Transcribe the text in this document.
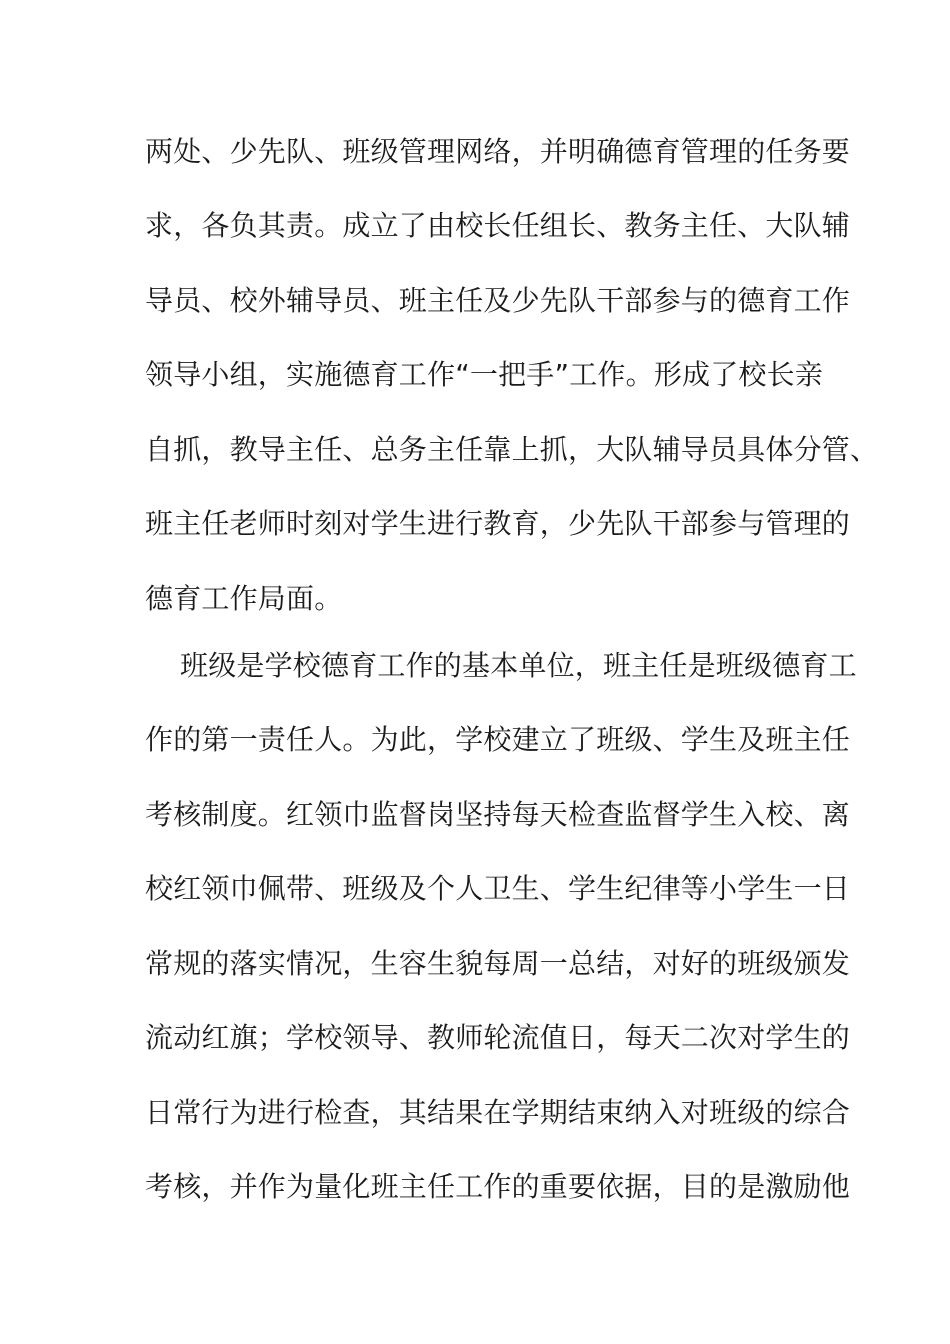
两处、少先队、班级管理网络，并明确德育管理的任务要
求，各负其责。成立了由校长任组长、教务主任、大队辅
导员、校外辅导员、班主任及少先队干部参与的德育工作
领导小组，实施德育工作“一把手”工作。形成了校长亲
自抓，教导主任、总务主任靠上抓，大队辅导员具体分管、
班主任老师时刻对学生进行教育，少先队干部参与管理的
德育工作局面。
班级是学校德育工作的基本单位，班主任是班级德育工
作的第一责任人。为此，学校建立了班级、学生及班主任
考核制度。红领巾监督岗坚持每天检查监督学生入校、离
校红领巾佩带、班级及个人卫生、学生纪律等小学生一日
常规的落实情况，生容生貌每周一总结，对好的班级颁发
流动红旗；学校领导、教师轮流值日，每天二次对学生的
日常行为进行检查，其结果在学期结束纳入对班级的综合
考核，并作为量化班主任工作的重要依据，目的是激励他
